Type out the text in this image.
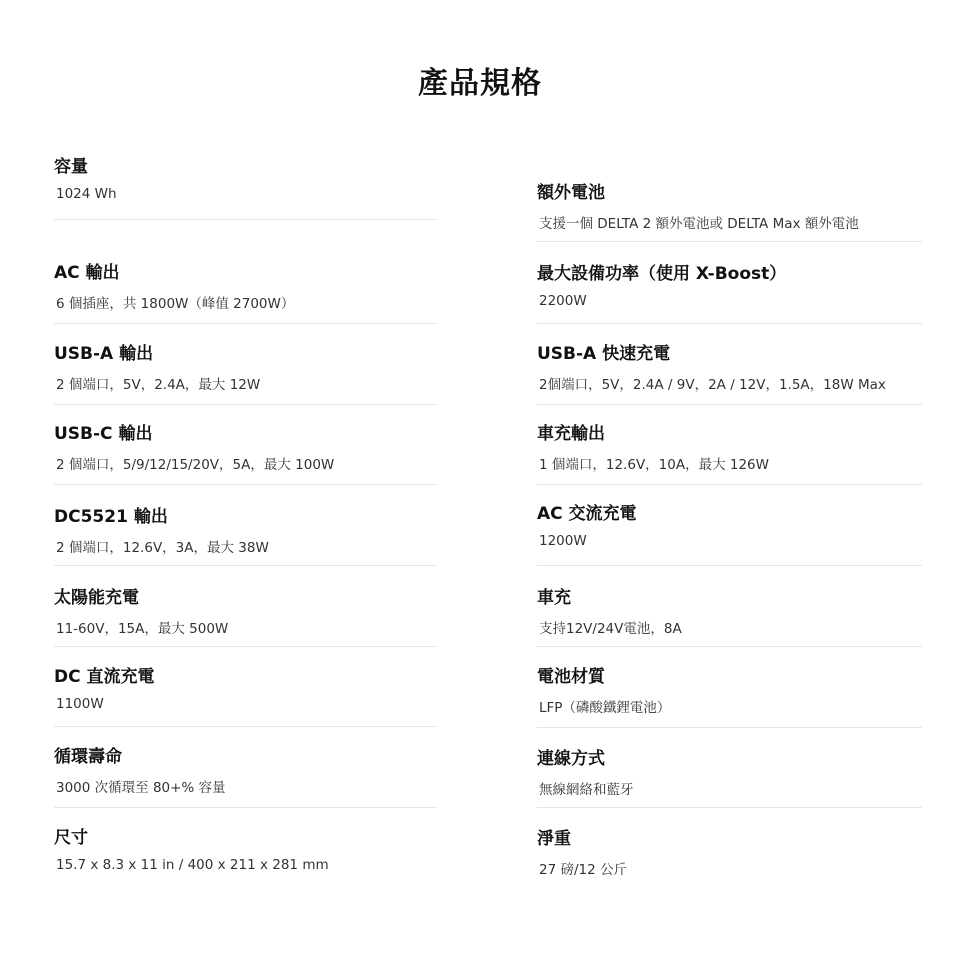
產品規格
容量
1024 Wh
AC 輸出
6 個插座，共 1800W（峰值 2700W）
USB-A 輸出
2 個端口，5V，2.4A，最大 12W
USB-C 輸出
2 個端口，5/9/12/15/20V，5A，最大 100W
DC5521 輸出
2 個端口，12.6V，3A，最大 38W
太陽能充電
11-60V，15A，最大 500W
DC 直流充電
1100W
循環壽命
3000 次循環至 80+% 容量
尺寸
15.7 x 8.3 x 11 in / 400 x 211 x 281 mm
額外電池
支援一個 DELTA 2 額外電池或 DELTA Max 額外電池
最大設備功率（使用 X-Boost）
2200W
USB-A 快速充電
2個端口，5V，2.4A / 9V，2A / 12V，1.5A，18W Max
車充輸出
1 個端口，12.6V，10A，最大 126W
AC 交流充電
1200W
車充
支持12V/24V電池，8A
電池材質
LFP（磷酸鐵鋰電池）
連線方式
無線網絡和藍牙
淨重
27 磅/12 公斤
